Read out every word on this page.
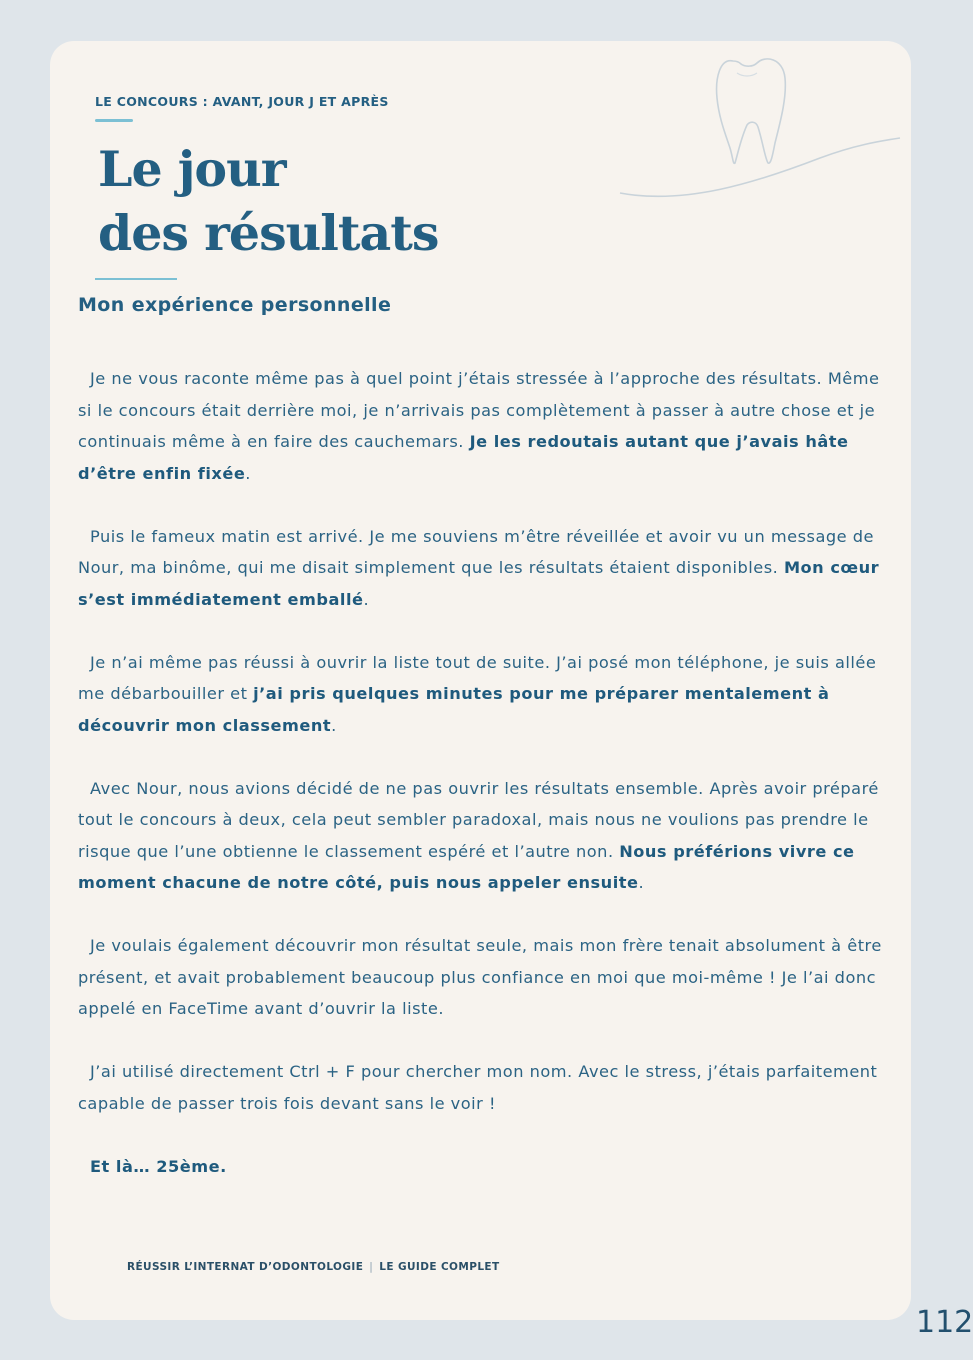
LE CONCOURS : AVANT, JOUR J ET APRÈS
Le jour
des résultats
Mon expérience personnelle

Je ne vous raconte même pas à quel point j’étais stressée à l’approche des résultats. Même si le concours était derrière moi, je n’arrivais pas complètement à passer à autre chose et je continuais même à en faire des cauchemars. Je les redoutais autant que j’avais hâte d’être enfin fixée.

Puis le fameux matin est arrivé. Je me souviens m’être réveillée et avoir vu un message de Nour, ma binôme, qui me disait simplement que les résultats étaient disponibles. Mon cœur s’est immédiatement emballé.

Je n’ai même pas réussi à ouvrir la liste tout de suite. J’ai posé mon téléphone, je suis allée me débarbouiller et j’ai pris quelques minutes pour me préparer mentalement à découvrir mon classement.

Avec Nour, nous avions décidé de ne pas ouvrir les résultats ensemble. Après avoir préparé tout le concours à deux, cela peut sembler paradoxal, mais nous ne voulions pas prendre le risque que l’une obtienne le classement espéré et l’autre non. Nous préférions vivre ce moment chacune de notre côté, puis nous appeler ensuite.

Je voulais également découvrir mon résultat seule, mais mon frère tenait absolument à être présent, et avait probablement beaucoup plus confiance en moi que moi-même ! Je l’ai donc appelé en FaceTime avant d’ouvrir la liste.

J’ai utilisé directement Ctrl + F pour chercher mon nom. Avec le stress, j’étais parfaitement capable de passer trois fois devant sans le voir !

Et là… 25ème.

RÉUSSIR L’INTERNAT D’ODONTOLOGIE | LE GUIDE COMPLET
112
